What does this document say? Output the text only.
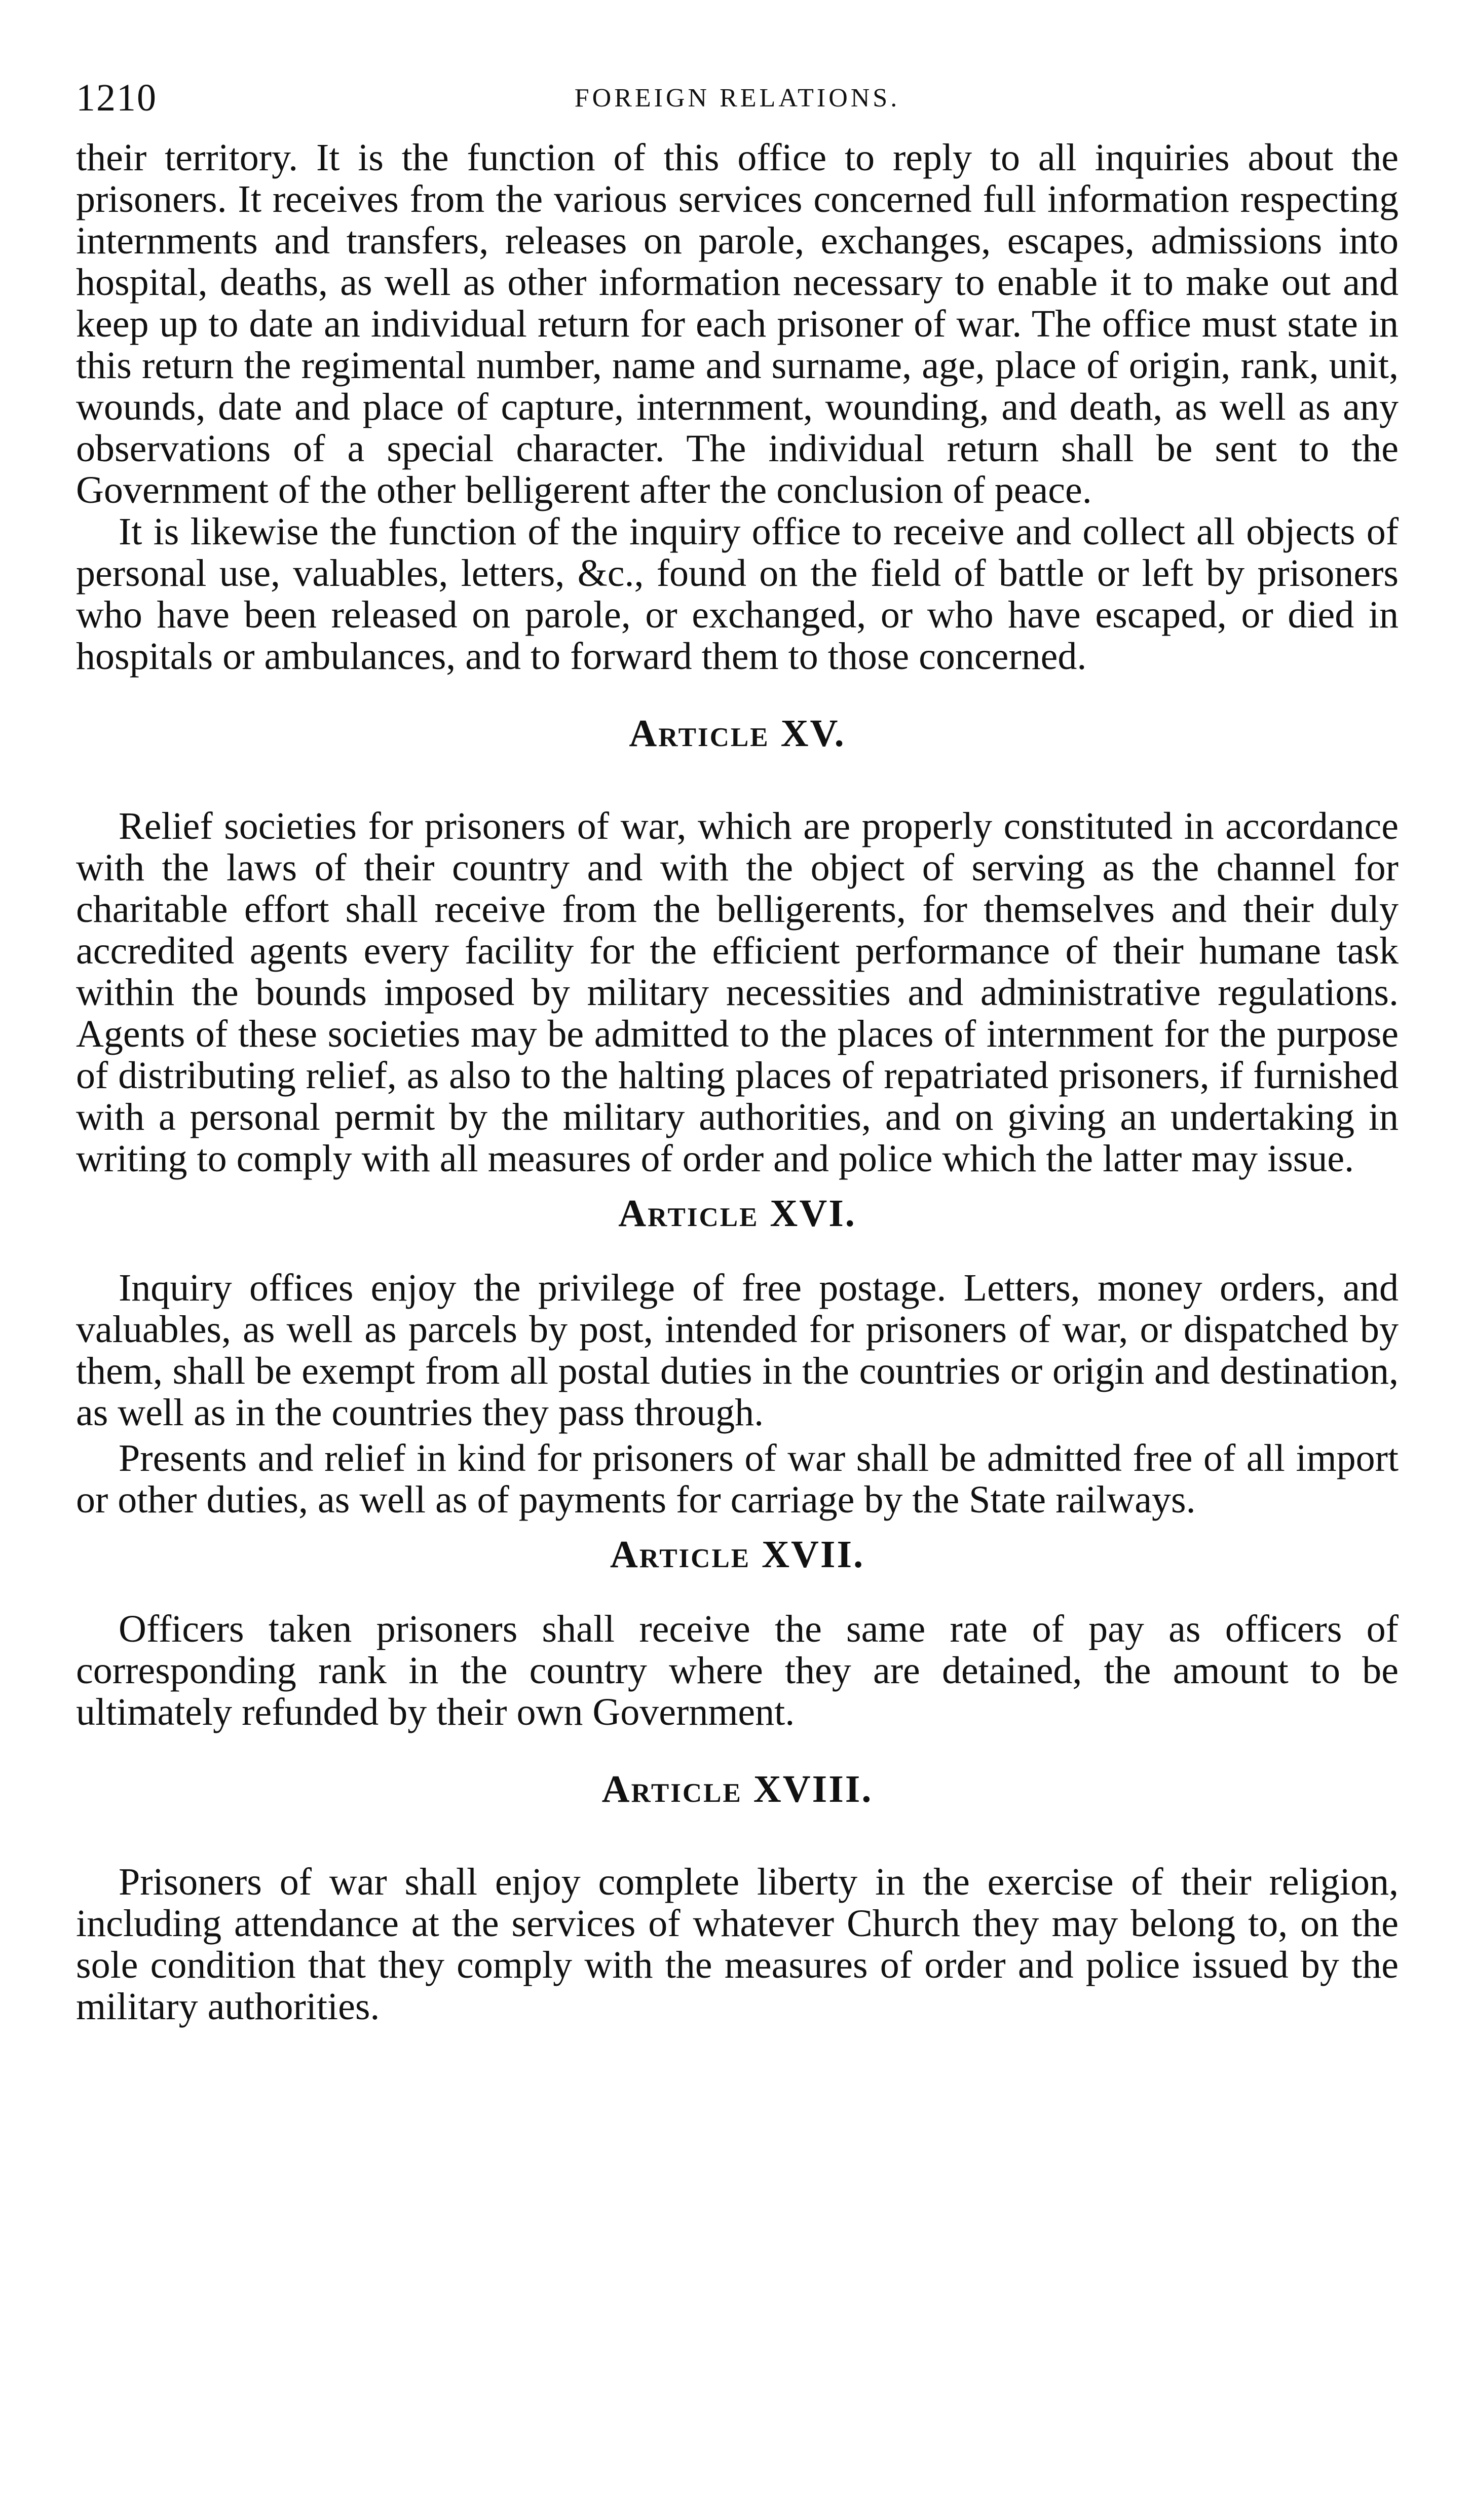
1210	FOREIGN RELATIONS.

their territory. It is the function of this office to reply to all inquiries about the prisoners. It receives from the various services concerned full information respecting internments and transfers, releases on parole, exchanges, escapes, admissions into hospital, deaths, as well as other information necessary to enable it to make out and keep up to date an individual return for each prisoner of war. The office must state in this return the regimental number, name and surname, age, place of origin, rank, unit, wounds, date and place of capture, internment, wounding, and death, as well as any observations of a special character. The individual return shall be sent to the Government of the other belligerent after the conclusion of peace.

It is likewise the function of the inquiry office to receive and collect all objects of personal use, valuables, letters, &c., found on the field of battle or left by prisoners who have been released on parole, or exchanged, or who have escaped, or died in hospitals or ambulances, and to forward them to those concerned.

Article XV.

Relief societies for prisoners of war, which are properly constituted in accordance with the laws of their country and with the object of serving as the channel for charitable effort shall receive from the belligerents, for themselves and their duly accredited agents every facility for the efficient performance of their humane task within the bounds imposed by military necessities and administrative regulations. Agents of these societies may be admitted to the places of internment for the purpose of distributing relief, as also to the halting places of repatriated prisoners, if furnished with a personal permit by the military authorities, and on giving an undertaking in writing to comply with all measures of order and police which the latter may issue.

Article XVI.

Inquiry offices enjoy the privilege of free postage. Letters, money orders, and valuables, as well as parcels by post, intended for prisoners of war, or dispatched by them, shall be exempt from all postal duties in the countries or origin and destination, as well as in the countries they pass through.

Presents and relief in kind for prisoners of war shall be admitted free of all import or other duties, as well as of payments for carriage by the State railways.

Article XVII.

Officers taken prisoners shall receive the same rate of pay as officers of corresponding rank in the country where they are detained, the amount to be ultimately refunded by their own Government.

Article XVIII.

Prisoners of war shall enjoy complete liberty in the exercise of their religion, including attendance at the services of whatever Church they may belong to, on the sole condition that they comply with the measures of order and police issued by the military authorities.
